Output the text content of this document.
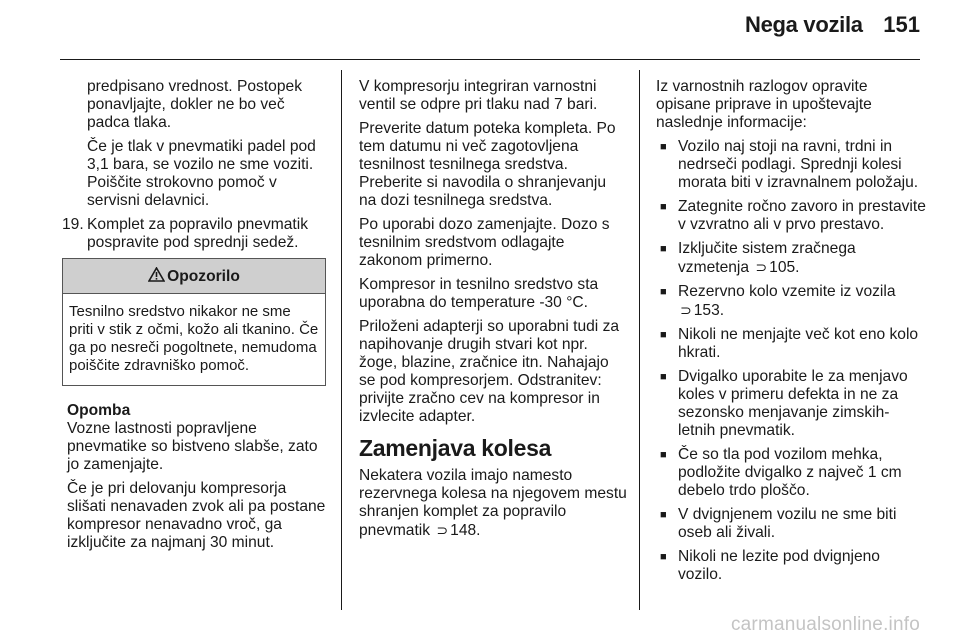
Nega vozila 151

predpisano vrednost. Postopek ponavljajte, dokler ne bo več padca tlaka.

Če je tlak v pnevmatiki padel pod 3,1 bara, se vozilo ne sme voziti. Poiščite strokovno pomoč v servisni delavnici.

19. Komplet za popravilo pnevmatik pospravite pod sprednji sedež.
Opozorilo
Tesnilno sredstvo nikakor ne sme priti v stik z očmi, kožo ali tkanino. Če ga po nesreči pogoltnete, nemudoma poiščite zdravniško pomoč.
Opomba

Vozne lastnosti popravljene pnevmatike so bistveno slabše, zato jo zamenjajte.

Če je pri delovanju kompresorja slišati nenavaden zvok ali pa postane kompresor nenavadno vroč, ga izključite za najmanj 30 minut.

V kompresorju integriran varnostni ventil se odpre pri tlaku nad 7 bari.

Preverite datum poteka kompleta. Po tem datumu ni več zagotovljena tesnilnost tesnilnega sredstva. Preberite si navodila o shranjevanju na dozi tesnilnega sredstva.

Po uporabi dozo zamenjajte. Dozo s tesnilnim sredstvom odlagajte zakonom primerno.

Kompresor in tesnilno sredstvo sta uporabna do temperature -30 °C.

Priloženi adapterji so uporabni tudi za napihovanje drugih stvari kot npr. žoge, blazine, zračnice itn. Nahajajo se pod kompresorjem. Odstranitev: privijte zračno cev na kompresor in izvlecite adapter.

Zamenjava kolesa

Nekatera vozila imajo namesto rezervnega kolesa na njegovem mestu shranjen komplet za popravilo pnevmatik ⊃ 148.

Iz varnostnih razlogov opravite opisane priprave in upoštevajte naslednje informacije:

■ Vozilo naj stoji na ravni, trdni in nedrseči podlagi. Sprednji kolesi morata biti v izravnalnem položaju.
■ Zategnite ročno zavoro in prestavite v vzvratno ali v prvo prestavo.
■ Izključite sistem zračnega vzmetenja ⊃ 105.
■ Rezervno kolo vzemite iz vozila
⊃ 153.
■ Nikoli ne menjajte več kot eno kolo hkrati.
■ Dvigalko uporabite le za menjavo koles v primeru defekta in ne za sezonsko menjavanje zimskih-letnih pnevmatik.
■ Če so tla pod vozilom mehka, podložite dvigalko z največ 1 cm debelo trdo ploščo.
■ V dvignjenem vozilu ne sme biti oseb ali živali.
■ Nikoli ne lezite pod dvignjeno vozilo.
carmanualsonline.info
